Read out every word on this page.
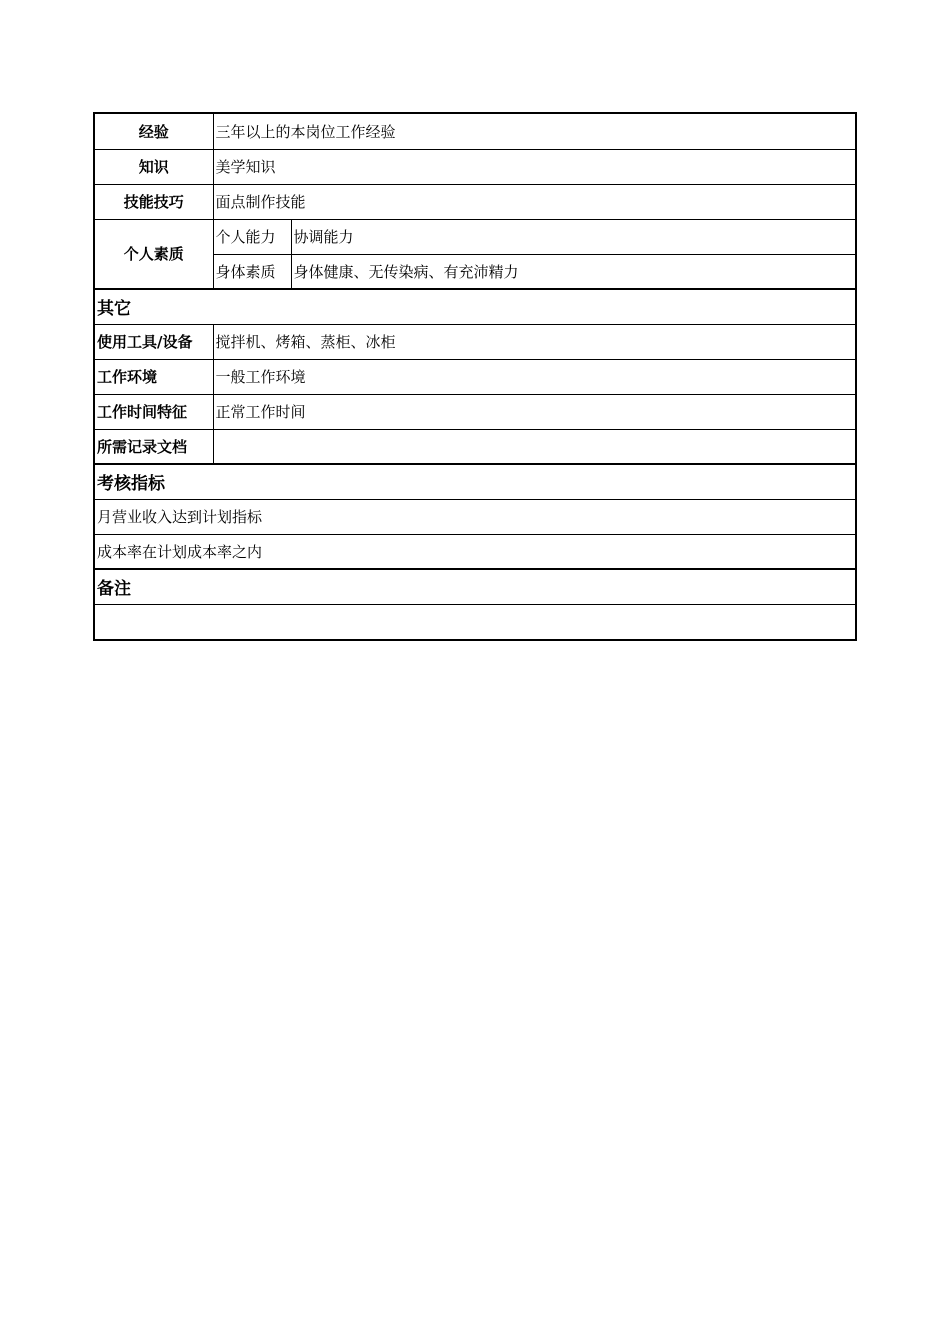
经验	三年以上的本岗位工作经验	
知识	美学知识	
技能技巧	面点制作技能	
个人素质	个人能力	协调能力
	身体素质	身体健康、无传染病、有充沛精力
其它		
使用工具/设备	搅拌机、烤箱、蒸柜、冰柜	
工作环境	一般工作环境	
工作时间特征	正常工作时间	
所需记录文档		
考核指标		
月营业收入达到计划指标		
成本率在计划成本率之内		
备注		
